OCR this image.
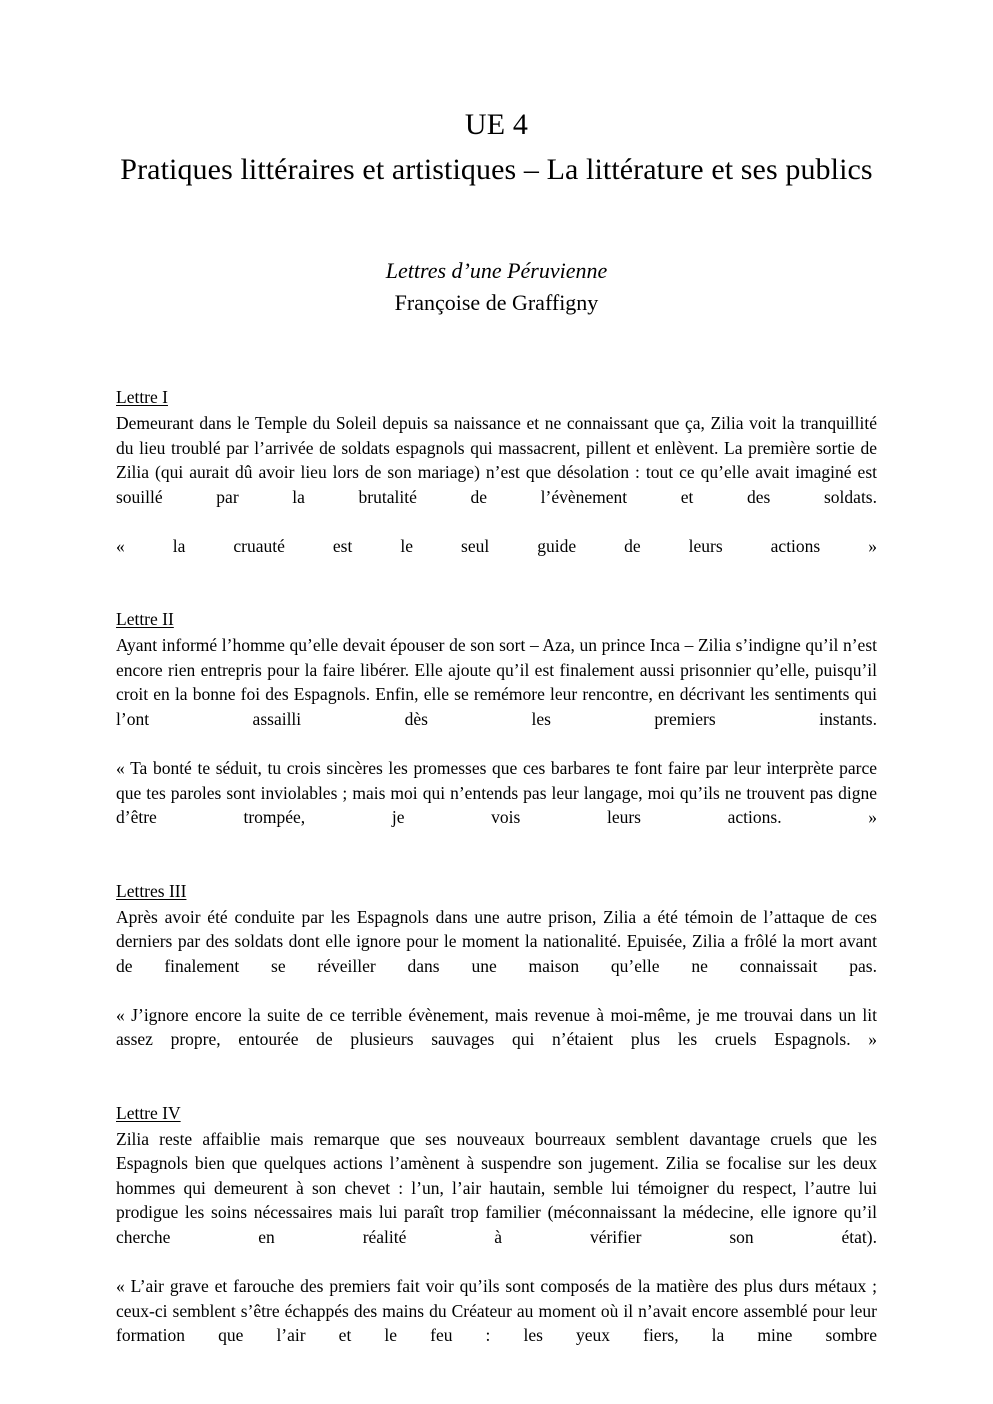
UE 4
Pratiques littéraires et artistiques – La littérature et ses publics
Lettres d’une Péruvienne
Françoise de Graffigny
Lettre I

Demeurant dans le Temple du Soleil depuis sa naissance et ne connaissant que ça, Zilia voit la tranquillité du lieu troublé par l’arrivée de soldats espagnols qui massacrent, pillent et enlèvent. La première sortie de Zilia (qui aurait dû avoir lieu lors de son mariage) n’est que désolation : tout ce qu’elle avait imaginé est souillé par la brutalité de l’évènement et des soldats.

« la cruauté est le seul guide de leurs actions »

Lettre II

Ayant informé l’homme qu’elle devait épouser de son sort – Aza, un prince Inca – Zilia s’indigne qu’il n’est encore rien entrepris pour la faire libérer. Elle ajoute qu’il est finalement aussi prisonnier qu’elle, puisqu’il croit en la bonne foi des Espagnols. Enfin, elle se remémore leur rencontre, en décrivant les sentiments qui l’ont assailli dès les premiers instants.

« Ta bonté te séduit, tu crois sincères les promesses que ces barbares te font faire par leur interprète parce que tes paroles sont inviolables ; mais moi qui n’entends pas leur langage, moi qu’ils ne trouvent pas digne d’être trompée, je vois leurs actions. »

Lettres III

Après avoir été conduite par les Espagnols dans une autre prison, Zilia a été témoin de l’attaque de ces derniers par des soldats dont elle ignore pour le moment la nationalité. Epuisée, Zilia a frôlé la mort avant de finalement se réveiller dans une maison qu’elle ne connaissait pas.

« J’ignore encore la suite de ce terrible évènement, mais revenue à moi-même, je me trouvai dans un lit assez propre, entourée de plusieurs sauvages qui n’étaient plus les cruels Espagnols. »

Lettre IV

Zilia reste affaiblie mais remarque que ses nouveaux bourreaux semblent davantage cruels que les Espagnols bien que quelques actions l’amènent à suspendre son jugement. Zilia se focalise sur les deux hommes qui demeurent à son chevet : l’un, l’air hautain, semble lui témoigner du respect, l’autre lui prodigue les soins nécessaires mais lui paraît trop familier (méconnaissant la médecine, elle ignore qu’il cherche en réalité à vérifier son état).

« L’air grave et farouche des premiers fait voir qu’ils sont composés de la matière des plus durs métaux ; ceux-ci semblent s’être échappés des mains du Créateur au moment où il n’avait encore assemblé pour leur formation que l’air et le feu : les yeux fiers, la mine sombre
